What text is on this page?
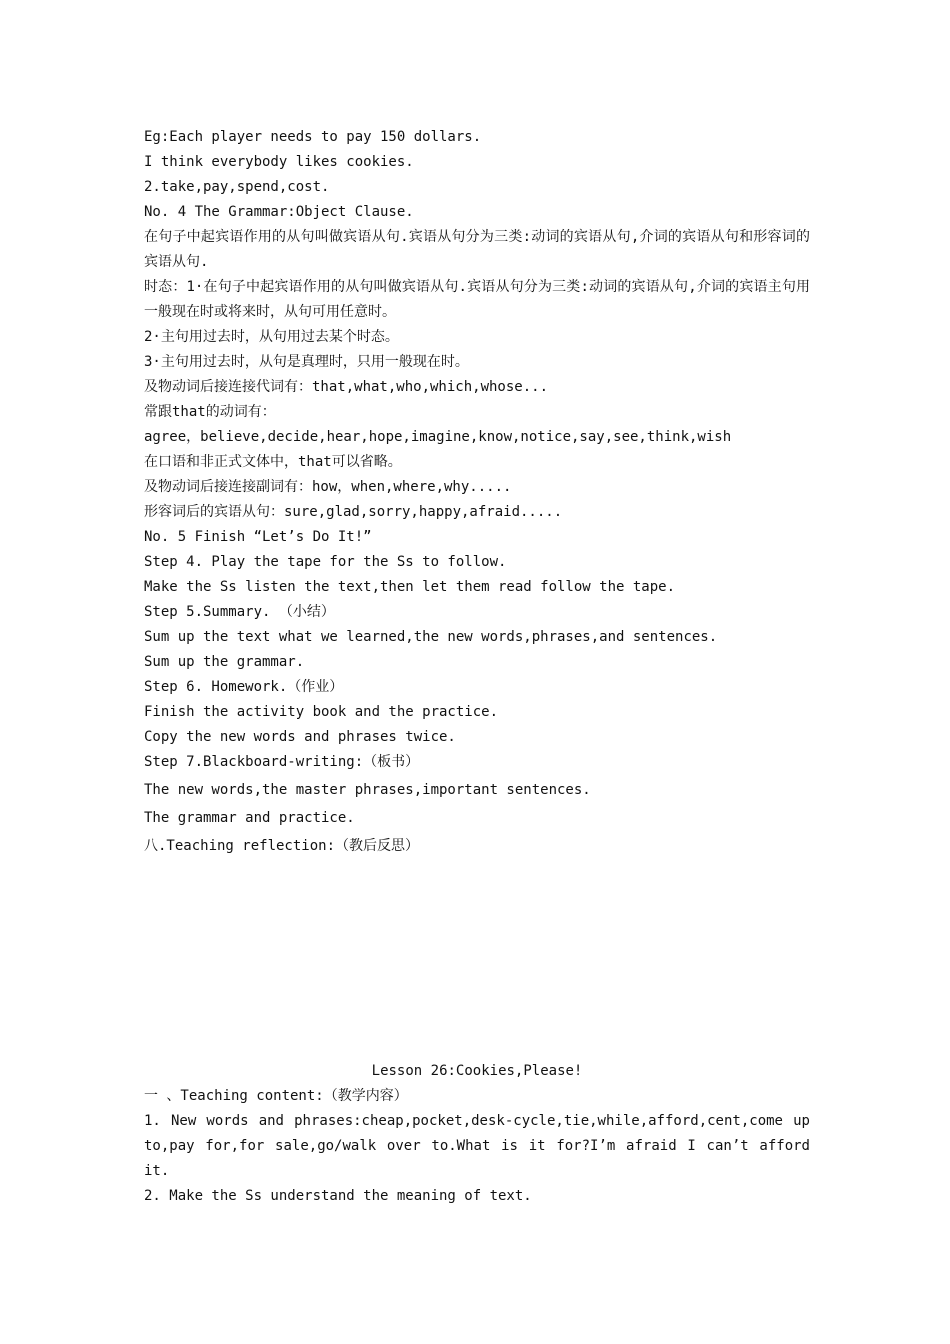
Eg:Each player needs to pay 150 dollars.

I think everybody likes cookies.

2.take,pay,spend,cost.

No. 4 The Grammar:Object Clause.

在句子中起宾语作用的从句叫做宾语从句.宾语从句分为三类:动词的宾语从句,介词的宾语从句和形容词的宾语从句.

时态：1·在句子中起宾语作用的从句叫做宾语从句.宾语从句分为三类:动词的宾语从句,介词的宾语主句用一般现在时或将来时，从句可用任意时。

2·主句用过去时，从句用过去某个时态。

3·主句用过去时，从句是真理时，只用一般现在时。

及物动词后接连接代词有：that,what,who,which,whose...

常跟that的动词有：

agree，believe,decide,hear,hope,imagine,know,notice,say,see,think,wish

在口语和非正式文体中，that可以省略。

及物动词后接连接副词有：how，when,where,why.....

形容词后的宾语从句：sure,glad,sorry,happy,afraid.....

No. 5 Finish “Let’s Do It!”

Step 4. Play the tape for the Ss to follow.

Make the Ss listen the text,then let them read follow the tape.

Step 5.Summary. （小结）

Sum up the text what we learned,the new words,phrases,and sentences.

Sum up the grammar.

Step 6. Homework.（作业）

Finish the activity book and the practice.

Copy the new words and phrases twice.

Step 7.Blackboard-writing:（板书）

The new words,the master phrases,important sentences.

The grammar and practice.

八.Teaching reflection:（教后反思）

Lesson 26:Cookies,Please!

一 、Teaching content:（教学内容）

1. New words and phrases:cheap,pocket,desk-cycle,tie,while,afford,cent,come up to,pay for,for sale,go/walk over to.What is it for?I’m afraid I can’t afford it.

2. Make the Ss understand the meaning of text.
